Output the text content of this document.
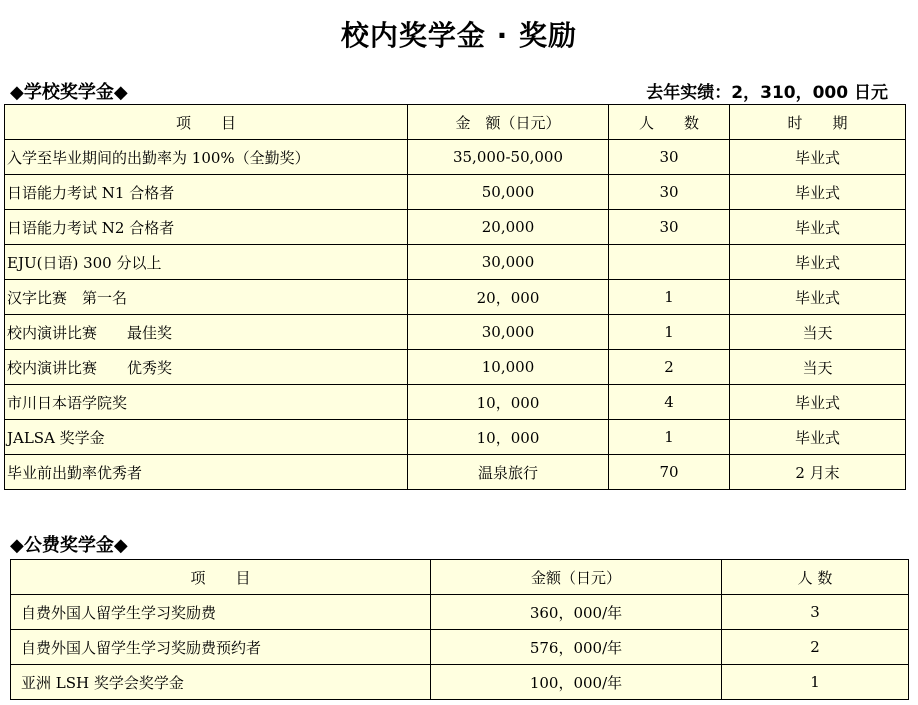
校内奖学金 · 奖励
◆学校奖学金◆	去年实绩：2，310，000 日元
项　　目	金　额（日元）	人　　数	时　　期
入学至毕业期间的出勤率为 100%（全勤奖）	35,000-50,000	30	毕业式
日语能力考试 N1 合格者	50,000	30	毕业式
日语能力考试 N2 合格者	20,000	30	毕业式
EJU(日语) 300 分以上	30,000		毕业式
汉字比赛　第一名	20，000	1	毕业式
校内演讲比赛　　最佳奖	30,000	1	当天
校内演讲比赛　　优秀奖	10,000	2	当天
市川日本语学院奖	10，000	4	毕业式
JALSA 奖学金	10，000	1	毕业式
毕业前出勤率优秀者	温泉旅行	70	2 月末
◆公费奖学金◆
项　　目	金额（日元）	人 数
自费外国人留学生学习奖励费	360，000/年	3
自费外国人留学生学习奖励费预约者	576，000/年	2
亚洲 LSH 奖学会奖学金	100，000/年	1
